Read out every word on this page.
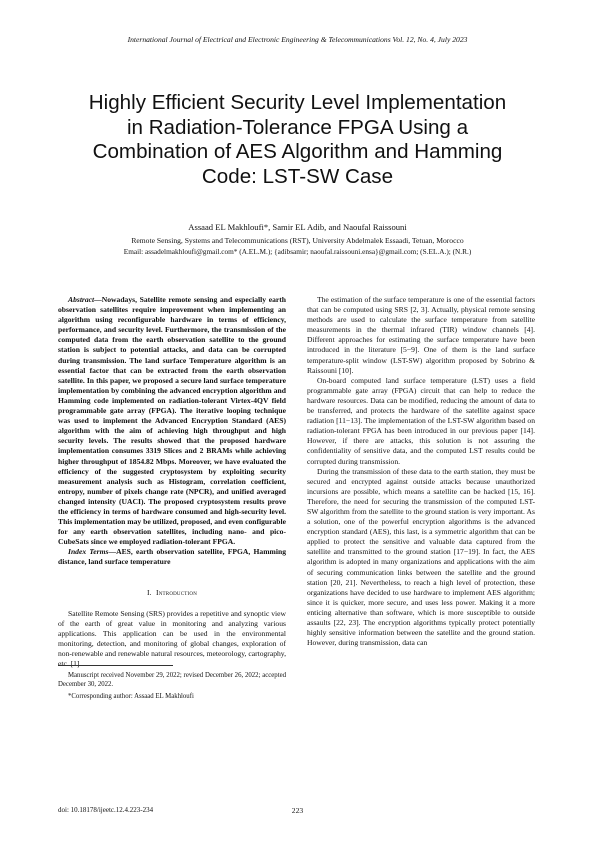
International Journal of Electrical and Electronic Engineering & Telecommunications Vol. 12, No. 4, July 2023
Highly Efficient Security Level Implementation
in Radiation-Tolerance FPGA Using a
Combination of AES Algorithm and Hamming
Code: LST-SW Case
Assaad EL Makhloufi*, Samir EL Adib, and Naoufal Raissouni
Remote Sensing, Systems and Telecommunications (RST), University Abdelmalek Essaadi, Tetuan, Morocco
Email: assadelmakhloufi@gmail.com* (A.EL.M.); {adibsamir; naoufal.raissouni.ensa}@gmail.com; (S.EL.A.); (N.R.)

Abstract—Nowadays, Satellite remote sensing and especially earth observation satellites require improvement when implementing an algorithm using reconfigurable hardware in terms of efficiency, performance, and security level. Furthermore, the transmission of the computed data from the earth observation satellite to the ground station is subject to potential attacks, and data can be corrupted during transmission. The land surface Temperature algorithm is an essential factor that can be extracted from the earth observation satellite. In this paper, we proposed a secure land surface temperature implementation by combining the advanced encryption algorithm and Hamming code implemented on radiation-tolerant Virtex-4QV field programmable gate array (FPGA). The iterative looping technique was used to implement the Advanced Encryption Standard (AES) algorithm with the aim of achieving high throughput and high security levels. The results showed that the proposed hardware implementation consumes 3319 Slices and 2 BRAMs while achieving higher throughput of 1854.82 Mbps. Moreover, we have evaluated the efficiency of the suggested cryptosystem by exploiting security measurement analysis such as Histogram, correlation coefficient, entropy, number of pixels change rate (NPCR), and unified averaged changed intensity (UACI). The proposed cryptosystem results prove the efficiency in terms of hardware consumed and high-security level. This implementation may be utilized, proposed, and even configurable for any earth observation satellites, including nano- and pico-CubeSats since we employed radiation-tolerant FPGA.

Index Terms—AES, earth observation satellite, FPGA, Hamming distance, land surface temperature

I. Introduction

Satellite Remote Sensing (SRS) provides a repetitive and synoptic view of the earth of great value in monitoring and analyzing various applications. This application can be used in the environmental monitoring, detection, and monitoring of global changes, exploration of non-renewable and renewable natural resources, meteorology, cartography, etc. [1].

The estimation of the surface temperature is one of the essential factors that can be computed using SRS [2, 3]. Actually, physical remote sensing methods are used to calculate the surface temperature from satellite measurements in the thermal infrared (TIR) window channels [4]. Different approaches for estimating the surface temperature have been introduced in the literature [5−9]. One of them is the land surface temperature-split window (LST-SW) algorithm proposed by Sobrino & Raissouni [10].

On-board computed land surface temperature (LST) uses a field programmable gate array (FPGA) circuit that can help to reduce the hardware resources. Data can be modified, reducing the amount of data to be transferred, and protects the hardware of the satellite against space radiation [11−13]. The implementation of the LST-SW algorithm based on radiation-tolerant FPGA has been introduced in our previous paper [14]. However, if there are attacks, this solution is not assuring the confidentiality of sensitive data, and the computed LST results could be corrupted during transmission.

During the transmission of these data to the earth station, they must be secured and encrypted against outside attacks because unauthorized incursions are possible, which means a satellite can be hacked [15, 16]. Therefore, the need for securing the transmission of the computed LST-SW algorithm from the satellite to the ground station is very important. As a solution, one of the powerful encryption algorithms is the advanced encryption standard (AES), this last, is a symmetric algorithm that can be applied to protect the sensitive and valuable data captured from the satellite and transmitted to the ground station [17−19]. In fact, the AES algorithm is adopted in many organizations and applications with the aim of securing communication links between the satellite and the ground station [20, 21]. Nevertheless, to reach a high level of protection, these organizations have decided to use hardware to implement AES algorithm; since it is quicker, more secure, and uses less power. Making it a more enticing alternative than software, which is more susceptible to outside assaults [22, 23]. The encryption algorithms typically protect potentially highly sensitive information between the satellite and the ground station. However, during transmission, data can

Manuscript received November 29, 2022; revised December 26, 2022; accepted December 30, 2022.

*Corresponding author: Assaad EL Makhloufi

doi: 10.18178/ijeetc.12.4.223-234	223
